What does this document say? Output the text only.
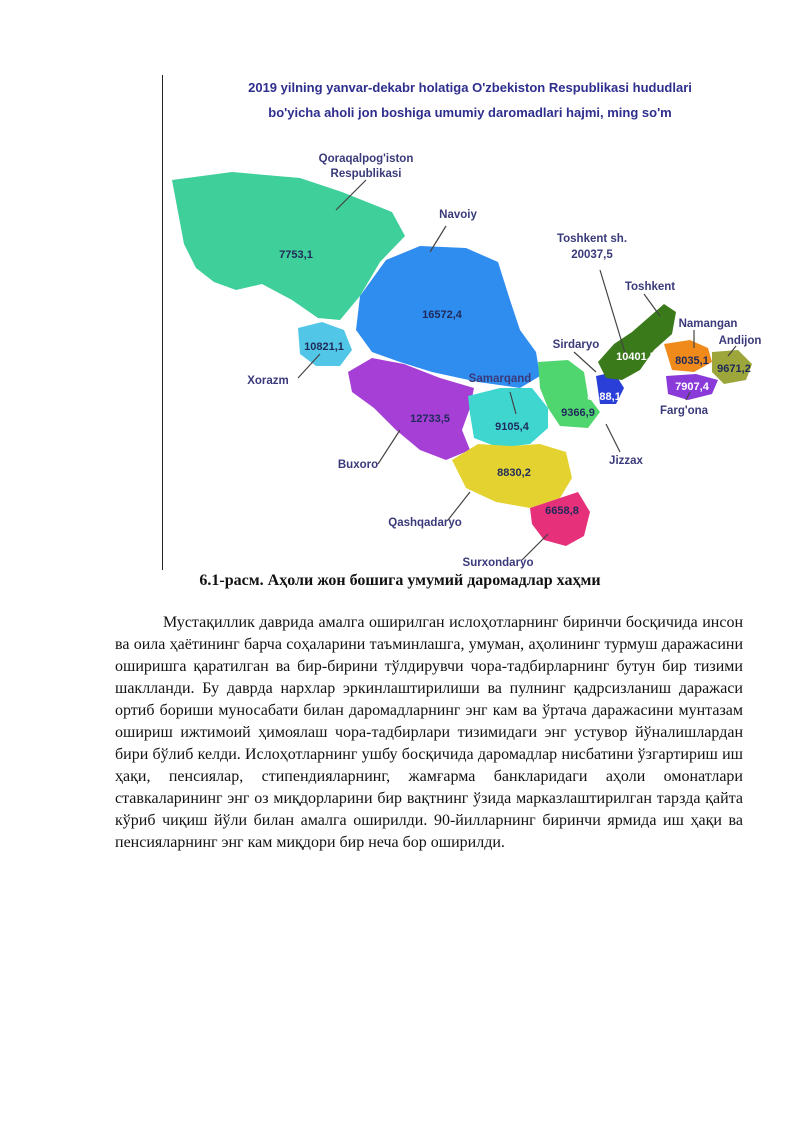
2019 yilning yanvar-dekabr holatiga O'zbekiston Respublikasi hududlari
bo'yicha aholi jon boshiga umumiy daromadlari hajmi, ming so'm
Qoraqalpog'iston
Respublikasi
Xorazm
Navoiy
Buxoro
Samarqand
Qashqadaryo
Surxondaryo
Jizzax
Sirdaryo
Toshkent
Toshkent sh.
20037,5
Namangan
Andijon
Farg'ona
7753,1
10821,1
16572,4
12733,5
9105,4
8830,2
6658,8
9366,9
8188,1
10401,5 8035,1
9671,2
7907,4
6.1-расм. Аҳоли жон бошига умумий даромадлар хаҳми

Мустақиллик даврида амалга оширилган ислоҳотларнинг биринчи босқичида инсон ва оила ҳаётининг барча соҳаларини таъминлашга, умуман, аҳолининг турмуш даражасини оширишга қаратилган ва бир-бирини тўлдирувчи чора-тадбирларнинг бутун бир тизими шаклланди. Бу даврда нархлар эркинлаштирилиши ва пулнинг қадрсизланиш даражаси ортиб бориши муносабати билан даромадларнинг энг кам ва ўртача даражасини мунтазам ошириш ижтимоий ҳимоялаш чора-тадбирлари тизимидаги энг устувор йўналишлардан бири бўлиб келди. Ислоҳотларнинг ушбу босқичида даромадлар нисбатини ўзгартириш иш ҳақи, пенсиялар, стипендияларнинг, жамғарма банкларидаги аҳоли омонатлари ставкаларининг энг оз миқдорларини бир вақтнинг ўзида марказлаштирилган тарзда қайта кўриб чиқиш йўли билан амалга оширилди. 90-йилларнинг биринчи ярмида иш ҳақи ва пенсияларнинг энг кам миқдори бир неча бор оширилди.
